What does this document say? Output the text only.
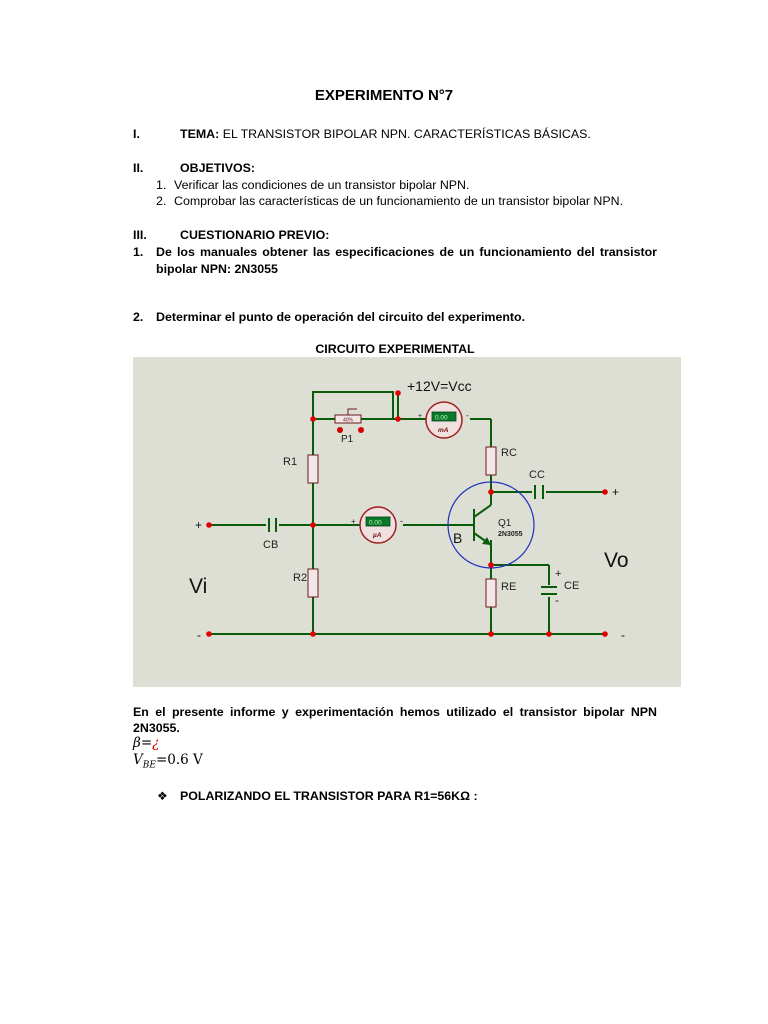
EXPERIMENTO N°7
I.	TEMA: EL TRANSISTOR BIPOLAR NPN. CARACTERÍSTICAS BÁSICAS.
II.	OBJETIVOS:
1. Verificar las condiciones de un transistor bipolar NPN.
2. Comprobar las características de un funcionamiento de un transistor bipolar NPN.
III.	CUESTIONARIO PREVIO:
1. De los manuales obtener las especificaciones de un funcionamiento del transistor
bipolar NPN: 2N3055
2. Determinar el punto de operación del circuito del experimento.
CIRCUITO EXPERIMENTAL
Q1
2N3055
B
40%
P1
R1
R2
RC
RE
CB
CC
CE
+
-
0.00
mA
+	-
0.00
µA
+	-
+12V=Vcc
Vi
Vo
+
-
+
-
En el presente informe y experimentación hemos utilizado el transistor bipolar NPN
2N3055.
β=¿
$V_{BE}=0.6$ V
❖ POLARIZANDO EL TRANSISTOR PARA R1=56KΩ :
